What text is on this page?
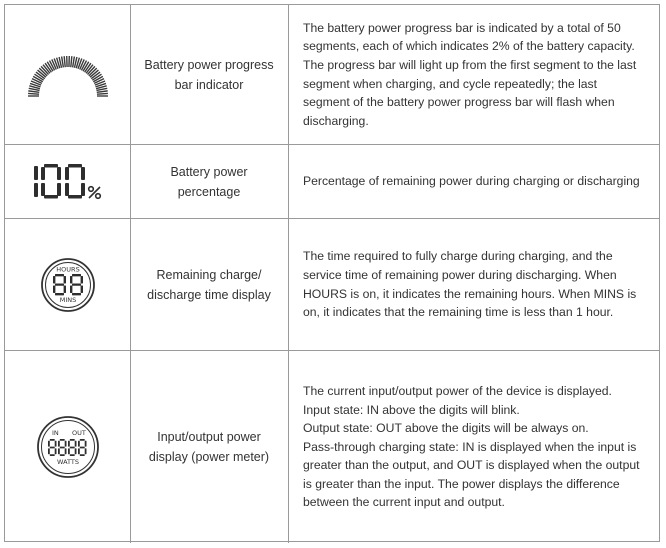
Battery power progress bar indicator

The battery power progress bar is indicated by a total of 50 segments, each of which indicates 2% of the battery capacity. The progress bar will light up from the first segment to the last segment when charging, and cycle repeatedly; the last segment of the battery power progress bar will flash when discharging.

Battery power percentage

Percentage of remaining power during charging or discharging

HOURS
MINS
Remaining charge/ discharge time display

The time required to fully charge during charging, and the service time of remaining power during discharging. When HOURS is on, it indicates the remaining hours. When MINS is on, it indicates that the remaining time is less than 1 hour.

IN OUT
WATTS
Input/output power display (power meter)

The current input/output power of the device is displayed.
Input state: IN above the digits will blink.
Output state: OUT above the digits will be always on.
Pass-through charging state: IN is displayed when the input is greater than the output, and OUT is displayed when the output is greater than the input. The power displays the difference between the current input and output.
